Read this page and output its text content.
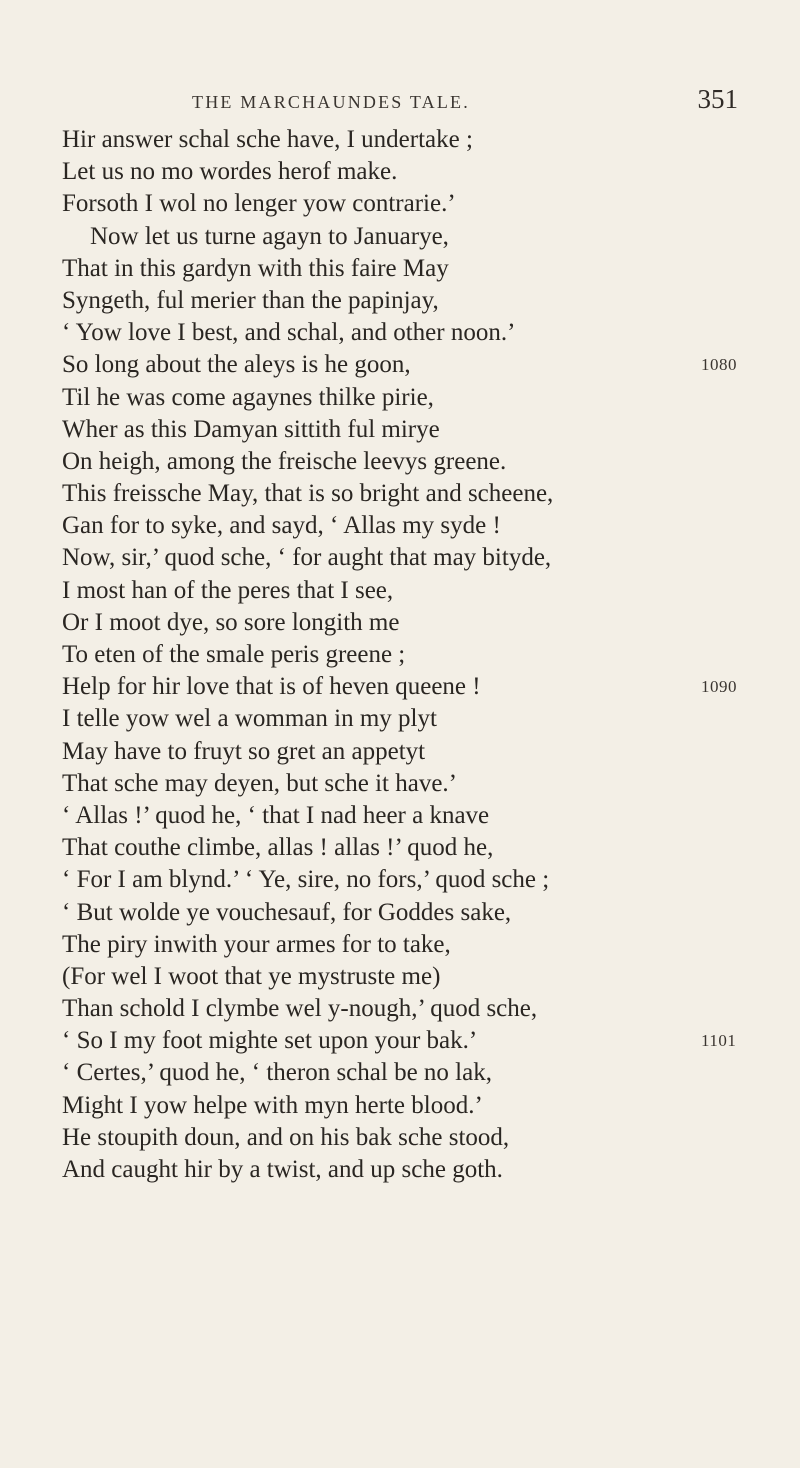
THE MARCHAUNDES TALE.	351
Hir answer schal sche have, I undertake ;
Let us no mo wordes herof make.
Forsoth I wol no lenger yow contrarie.’
Now let us turne agayn to Januarye,
That in this gardyn with this faire May
Syngeth, ful merier than the papinjay,
‘ Yow love I best, and schal, and other noon.’
So long about the aleys is he goon,	1080
Til he was come agaynes thilke pirie,
Wher as this Damyan sittith ful mirye
On heigh, among the freische leevys greene.
This freissche May, that is so bright and scheene,
Gan for to syke, and sayd, ‘ Allas my syde !
Now, sir,’ quod sche, ‘ for aught that may bityde,
I most han of the peres that I see,
Or I moot dye, so sore longith me
To eten of the smale peris greene ;
Help for hir love that is of heven queene !	1090
I telle yow wel a womman in my plyt
May have to fruyt so gret an appetyt
That sche may deyen, but sche it have.’
‘ Allas !’ quod he, ‘ that I nad heer a knave
That couthe climbe, allas ! allas !’ quod he,
‘ For I am blynd.’ ‘ Ye, sire, no fors,’ quod sche ;
‘ But wolde ye vouchesauf, for Goddes sake,
The piry inwith your armes for to take,
(For wel I woot that ye mystruste me)
Than schold I clymbe wel y-nough,’ quod sche,
‘ So I my foot mighte set upon your bak.’	1101
‘ Certes,’ quod he, ‘ theron schal be no lak,
Might I yow helpe with myn herte blood.’
He stoupith doun, and on his bak sche stood,
And caught hir by a twist, and up sche goth.
